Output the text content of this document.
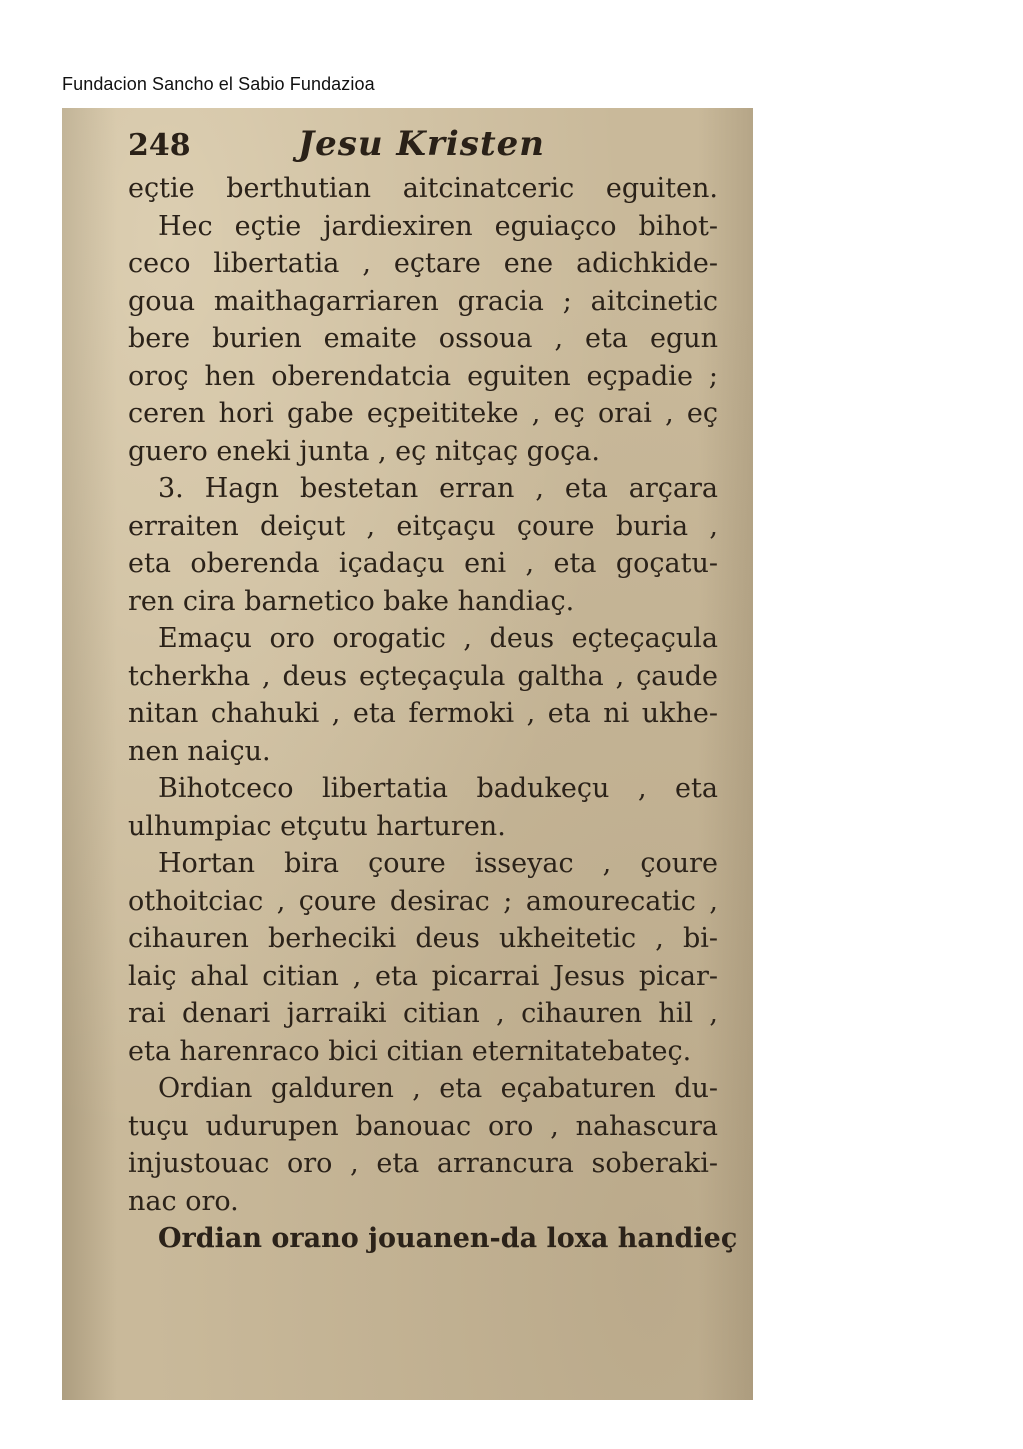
Fundacion Sancho el Sabio Fundazioa
248	Jesu Kristen
eçtie berthutian aitcinatceric eguiten.
Hec eçtie jardiexiren eguiaçco bihot-
ceco libertatia , eçtare ene adichkide-
goua maithagarriaren gracia ; aitcinetic
bere burien emaite ossoua , eta egun
oroç hen oberendatcia eguiten eçpadie ;
ceren hori gabe eçpeititeke , eç orai , eç
guero eneki junta , eç nitçaç goça.
3. Hagn bestetan erran , eta arçara
erraiten deiçut , eitçaçu çoure buria ,
eta oberenda içadaçu eni , eta goçatu-
ren cira barnetico bake handiaç.
Emaçu oro orogatic , deus eçteçaçula
tcherkha , deus eçteçaçula galtha , çaude
nitan chahuki , eta fermoki , eta ni ukhe-
nen naiçu.
Bihotceco libertatia badukeçu , eta
ulhumpiac etçutu harturen.
Hortan bira çoure isseyac , çoure
othoitciac , çoure desirac ; amourecatic ,
cihauren berheciki deus ukheitetic , bi-
laiç ahal citian , eta picarrai Jesus picar-
rai denari jarraiki citian , cihauren hil ,
eta harenraco bici citian eternitatebateç.
Ordian galduren , eta eçabaturen du-
tuçu udurupen banouac oro , nahascura
injustouac oro , eta arrancura soberaki-
nac oro.
Ordian orano jouanen-da loxa handieç
